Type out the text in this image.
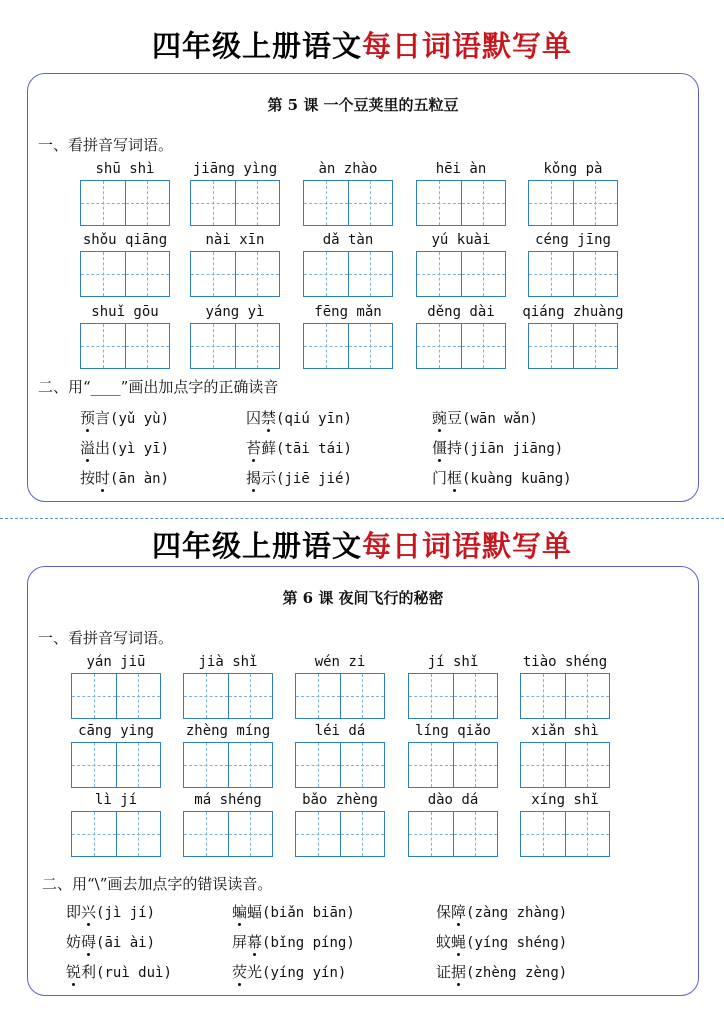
四年级上册语文每日词语默写单
第 5 课 一个豆荚里的五粒豆
一、看拼音写词语。
shū shì	jiāng yìng	àn zhào	hēi àn	kǒng pà
shǒu qiāng	nài xīn	dǎ tàn	yú kuài	céng jīng
shuǐ gōu	yáng yì	fēng mǎn	děng dài	qiáng zhuàng
二、用“____”画出加点字的正确读音
预言(yǔ yù)	囚禁(qiú yīn)	豌豆(wān wǎn)
溢出(yì yī)	苔藓(tāi tái)	僵持(jiān jiāng)
按时(ān àn)	揭示(jiē jié)	门框(kuàng kuāng)
四年级上册语文每日词语默写单
第 6 课 夜间飞行的秘密
一、看拼音写词语。
yán jiū	jià shǐ	wén zi	jí shǐ	tiào shéng
cāng ying	zhèng míng	léi dá	líng qiǎo	xiǎn shì
lì jí	má shéng	bǎo zhèng	dào dá	xíng shǐ
二、用“\”画去加点字的错误读音。
即兴(jì jí)	蝙蝠(biǎn biān)	保障(zàng zhàng)
妨碍(āi ài)	屏幕(bǐng píng)	蚊蝇(yíng shéng)
锐利(ruì duì)	荧光(yíng yín)	证据(zhèng zèng)
